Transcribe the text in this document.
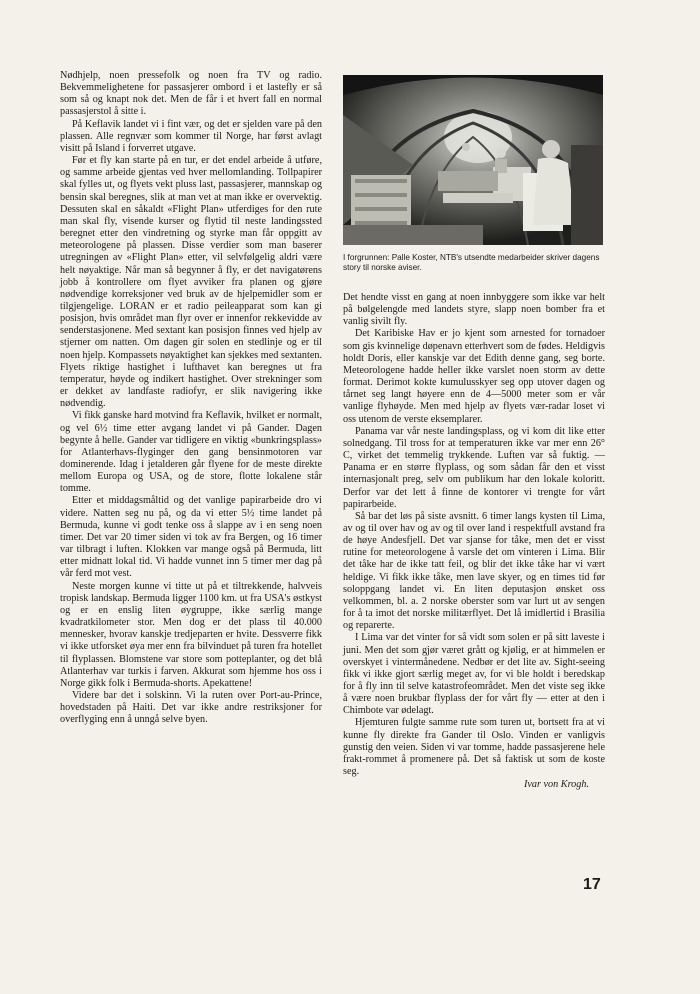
Nødhjelp, noen pressefolk og noen fra TV og radio. Bekvemmelighetene for passasjerer ombord i et lastefly er så som så og knapt nok det. Men de får i et hvert fall en normal passasjerstol å sitte i.

På Keflavik landet vi i fint vær, og det er sjelden vare på den plassen. Alle regnvær som kommer til Norge, har først avlagt visitt på Island i forverret utgave.

Før et fly kan starte på en tur, er det endel arbeide å utføre, og samme arbeide gjentas ved hver mellomlanding. Tollpapirer skal fylles ut, og flyets vekt pluss last, passasjerer, mannskap og bensin skal beregnes, slik at man vet at man ikke er overvektig. Dessuten skal en såkaldt «Flight Plan» utferdiges for den rute man skal fly, visende kurser og flytid til neste landingssted beregnet etter den vindretning og styrke man får oppgitt av meteorologene på plassen. Disse verdier som man baserer utregningen av «Flight Plan» etter, vil selvfølgelig aldri være helt nøyaktige. Når man så begynner å fly, er det navigatørens jobb å kontrollere om flyet avviker fra planen og gjøre nødvendige korreksjoner ved bruk av de hjelpemidler som er tilgjengelige. LORAN er et radio peileapparat som kan gi posisjon, hvis området man flyr over er innenfor rekkevidde av senderstasjonene. Med sextant kan posisjon finnes ved hjelp av stjerner om natten. Om dagen gir solen en stedlinje og er til noen hjelp. Kompassets nøyaktighet kan sjekkes med sextanten. Flyets riktige hastighet i lufthavet kan beregnes ut fra temperatur, høyde og indikert hastighet. Over strekninger som er dekket av landfaste radiofyr, er slik navigering ikke nødvendig.

Vi fikk ganske hard motvind fra Keflavik, hvilket er normalt, og vel 6½ time etter avgang landet vi på Gander. Dagen begynte å helle. Gander var tidligere en viktig «bunkringsplass» for Atlanterhavs-flyginger den gang bensinmotoren var dominerende. Idag i jetalderen går flyene for de meste direkte mellom Europa og USA, og de store, flotte lokalene står tomme.

Etter et middagsmåltid og det vanlige papirarbeide dro vi videre. Natten seg nu på, og da vi etter 5½ time landet på Bermuda, kunne vi godt tenke oss å slappe av i en seng noen timer. Det var 20 timer siden vi tok av fra Bergen, og 16 timer var tilbragt i luften. Klokken var mange også på Bermuda, litt etter midnatt lokal tid. Vi hadde vunnet inn 5 timer mer dag på vår ferd mot vest.

Neste morgen kunne vi titte ut på et tiltrekkende, halvveis tropisk landskap. Bermuda ligger 1100 km. ut fra USA's østkyst og er en enslig liten øygruppe, ikke særlig mange kvadratkilometer stor. Men dog er det plass til 40.000 mennesker, hvorav kanskje tredjeparten er hvite. Dessverre fikk vi ikke utforsket øya mer enn fra bilvinduet på turen fra hotellet til flyplassen. Blomstene var store som potteplanter, og det blå Atlanterhav var turkis i farven. Akkurat som hjemme hos oss i Norge gikk folk i Bermuda-shorts. Apekattene!

Videre bar det i solskinn. Vi la ruten over Port-au-Prince, hovedstaden på Haiti. Det var ikke andre restriksjoner for overflyging enn å unngå selve byen.

I forgrunnen: Palle Koster, NTB's utsendte medarbeider skriver dagens story til norske aviser.

Det hendte visst en gang at noen innbyggere som ikke var helt på bølgelengde med landets styre, slapp noen bomber fra et vanlig sivilt fly.

Det Karibiske Hav er jo kjent som arnested for tornadoer som gis kvinnelige døpenavn etterhvert som de fødes. Heldigvis holdt Doris, eller kanskje var det Edith denne gang, seg borte. Meteorologene hadde heller ikke varslet noen storm av dette format. Derimot kokte kumulusskyer seg opp utover dagen og tårnet seg langt høyere enn de 4—5000 meter som er vår vanlige flyhøyde. Men med hjelp av flyets vær-radar loset vi oss utenom de verste eksemplarer.

Panama var vår neste landingsplass, og vi kom dit like etter solnedgang. Til tross for at temperaturen ikke var mer enn 26° C, virket det temmelig trykkende. Luften var så fuktig. — Panama er en større flyplass, og som sådan får den et visst internasjonalt preg, selv om publikum har den lokale koloritt. Derfor var det lett å finne de kontorer vi trengte for vårt papirarbeide.

Så bar det løs på siste avsnitt. 6 timer langs kysten til Lima, av og til over hav og av og til over land i respektfull avstand fra de høye Andesfjell. Det var sjanse for tåke, men det er visst rutine for meteorologene å varsle det om vinteren i Lima. Blir det tåke har de ikke tatt feil, og blir det ikke tåke har vi vært heldige. Vi fikk ikke tåke, men lave skyer, og en times tid før soloppgang landet vi. En liten deputasjon ønsket oss velkommen, bl. a. 2 norske oberster som var lurt ut av sengen for å ta imot det norske militærflyet. Det lå imidlertid i Brasilia og reparerte.

I Lima var det vinter for så vidt som solen er på sitt laveste i juni. Men det som gjør været grått og kjølig, er at himmelen er overskyet i vintermånedene. Nedbør er det lite av. Sight-seeing fikk vi ikke gjort særlig meget av, for vi ble holdt i beredskap for å fly inn til selve katastrofeområdet. Men det viste seg ikke å være noen brukbar flyplass der for vårt fly — etter at den i Chimbote var ødelagt.

Hjemturen fulgte samme rute som turen ut, bortsett fra at vi kunne fly direkte fra Gander til Oslo. Vinden er vanligvis gunstig den veien. Siden vi var tomme, hadde passasjerene hele frakt-rommet å promenere på. Det så faktisk ut som de koste seg.

Ivar von Krogh.
17
